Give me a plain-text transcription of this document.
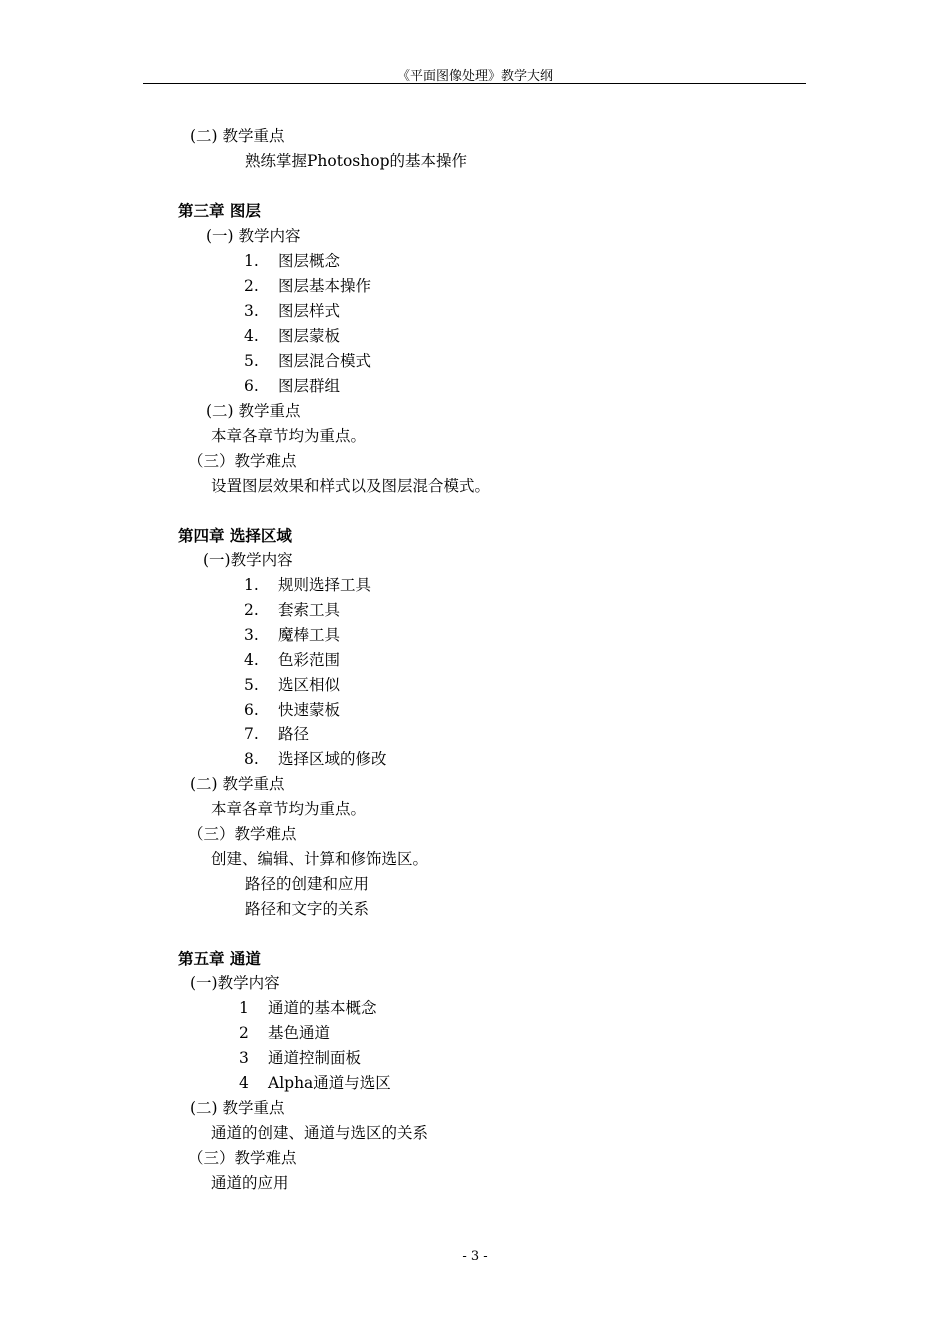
《平面图像处理》教学大纲
(二) 教学重点
熟练掌握Photoshop的基本操作
第三章 图层
(一) 教学内容
1. 图层概念
2. 图层基本操作
3. 图层样式
4. 图层蒙板
5. 图层混合模式
6. 图层群组
(二) 教学重点
本章各章节均为重点。
（三）教学难点
设置图层效果和样式以及图层混合模式。
第四章 选择区域
(一)教学内容
1. 规则选择工具
2. 套索工具
3. 魔棒工具
4. 色彩范围
5. 选区相似
6. 快速蒙板
7. 路径
8. 选择区域的修改
(二) 教学重点
本章各章节均为重点。
（三）教学难点
创建、编辑、计算和修饰选区。
路径的创建和应用
路径和文字的关系
第五章 通道
(一)教学内容
1 通道的基本概念
2 基色通道
3 通道控制面板
4 Alpha通道与选区
(二) 教学重点
通道的创建、通道与选区的关系
（三）教学难点
通道的应用
- 3 -
